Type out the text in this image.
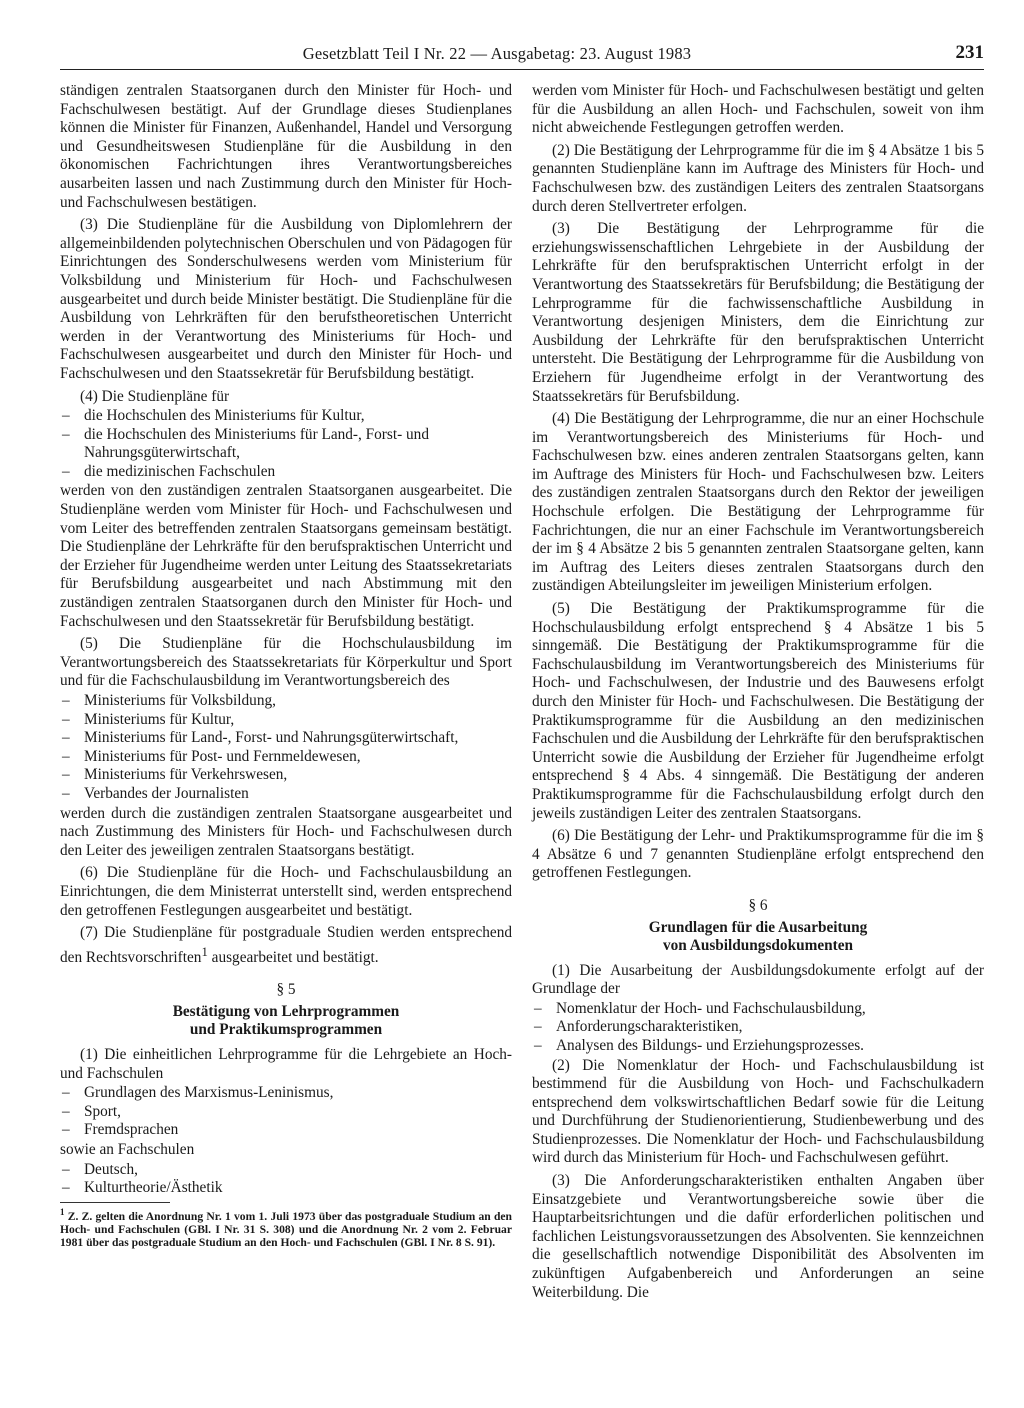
Gesetzblatt Teil I Nr. 22 — Ausgabetag: 23. August 1983	231

ständigen zentralen Staatsorganen durch den Minister für Hoch- und Fachschulwesen bestätigt. Auf der Grundlage dieses Studienplanes können die Minister für Finanzen, Außenhandel, Handel und Versorgung und Gesundheitswesen Studienpläne für die Ausbildung in den ökonomischen Fachrichtungen ihres Verantwortungsbereiches ausarbeiten lassen und nach Zustimmung durch den Minister für Hoch- und Fachschulwesen bestätigen.

(3) Die Studienpläne für die Ausbildung von Diplomlehrern der allgemeinbildenden polytechnischen Oberschulen und von Pädagogen für Einrichtungen des Sonderschulwesens werden vom Ministerium für Volksbildung und Ministerium für Hoch- und Fachschulwesen ausgearbeitet und durch beide Minister bestätigt. Die Studienpläne für die Ausbildung von Lehrkräften für den berufstheoretischen Unterricht werden in der Verantwortung des Ministeriums für Hoch- und Fachschulwesen ausgearbeitet und durch den Minister für Hoch- und Fachschulwesen und den Staatssekretär für Berufsbildung bestätigt.

(4) Die Studienpläne für

– die Hochschulen des Ministeriums für Kultur,
– die Hochschulen des Ministeriums für Land-, Forst- und Nahrungsgüterwirtschaft,
– die medizinischen Fachschulen

werden von den zuständigen zentralen Staatsorganen ausgearbeitet. Die Studienpläne werden vom Minister für Hoch- und Fachschulwesen und vom Leiter des betreffenden zentralen Staatsorgans gemeinsam bestätigt. Die Studienpläne der Lehrkräfte für den berufspraktischen Unterricht und der Erzieher für Jugendheime werden unter Leitung des Staatssekretariats für Berufsbildung ausgearbeitet und nach Abstimmung mit den zuständigen zentralen Staatsorganen durch den Minister für Hoch- und Fachschulwesen und den Staatssekretär für Berufsbildung bestätigt.

(5) Die Studienpläne für die Hochschulausbildung im Verantwortungsbereich des Staatssekretariats für Körperkultur und Sport und für die Fachschulausbildung im Verantwortungsbereich des

– Ministeriums für Volksbildung,
– Ministeriums für Kultur,
– Ministeriums für Land-, Forst- und Nahrungsgüterwirtschaft,
– Ministeriums für Post- und Fernmeldewesen,
– Ministeriums für Verkehrswesen,
– Verbandes der Journalisten

werden durch die zuständigen zentralen Staatsorgane ausgearbeitet und nach Zustimmung des Ministers für Hoch- und Fachschulwesen durch den Leiter des jeweiligen zentralen Staatsorgans bestätigt.

(6) Die Studienpläne für die Hoch- und Fachschulausbildung an Einrichtungen, die dem Ministerrat unterstellt sind, werden entsprechend den getroffenen Festlegungen ausgearbeitet und bestätigt.

(7) Die Studienpläne für postgraduale Studien werden entsprechend den Rechtsvorschriften$^1$ ausgearbeitet und bestätigt.

§ 5
Bestätigung von Lehrprogrammen
und Praktikumsprogrammen

(1) Die einheitlichen Lehrprogramme für die Lehrgebiete an Hoch- und Fachschulen

– Grundlagen des Marxismus-Leninismus,
– Sport,
– Fremdsprachen

sowie an Fachschulen

– Deutsch,
– Kulturtheorie/Ästhetik
$^1$ Z. Z. gelten die Anordnung Nr. 1 vom 1. Juli 1973 über das postgraduale Studium an den Hoch- und Fachschulen (GBl. I Nr. 31 S. 308) und die Anordnung Nr. 2 vom 2. Februar 1981 über das postgraduale Studium an den Hoch- und Fachschulen (GBl. I Nr. 8 S. 91).

werden vom Minister für Hoch- und Fachschulwesen bestätigt und gelten für die Ausbildung an allen Hoch- und Fachschulen, soweit von ihm nicht abweichende Festlegungen getroffen werden.

(2) Die Bestätigung der Lehrprogramme für die im § 4 Absätze 1 bis 5 genannten Studienpläne kann im Auftrage des Ministers für Hoch- und Fachschulwesen bzw. des zuständigen Leiters des zentralen Staatsorgans durch deren Stellvertreter erfolgen.

(3) Die Bestätigung der Lehrprogramme für die erziehungswissenschaftlichen Lehrgebiete in der Ausbildung der Lehrkräfte für den berufspraktischen Unterricht erfolgt in der Verantwortung des Staatssekretärs für Berufsbildung; die Bestätigung der Lehrprogramme für die fachwissenschaftliche Ausbildung in Verantwortung desjenigen Ministers, dem die Einrichtung zur Ausbildung der Lehrkräfte für den berufspraktischen Unterricht untersteht. Die Bestätigung der Lehrprogramme für die Ausbildung von Erziehern für Jugendheime erfolgt in der Verantwortung des Staatssekretärs für Berufsbildung.

(4) Die Bestätigung der Lehrprogramme, die nur an einer Hochschule im Verantwortungsbereich des Ministeriums für Hoch- und Fachschulwesen bzw. eines anderen zentralen Staatsorgans gelten, kann im Auftrage des Ministers für Hoch- und Fachschulwesen bzw. Leiters des zuständigen zentralen Staatsorgans durch den Rektor der jeweiligen Hochschule erfolgen. Die Bestätigung der Lehrprogramme für Fachrichtungen, die nur an einer Fachschule im Verantwortungsbereich der im § 4 Absätze 2 bis 5 genannten zentralen Staatsorgane gelten, kann im Auftrag des Leiters dieses zentralen Staatsorgans durch den zuständigen Abteilungsleiter im jeweiligen Ministerium erfolgen.

(5) Die Bestätigung der Praktikumsprogramme für die Hochschulausbildung erfolgt entsprechend § 4 Absätze 1 bis 5 sinngemäß. Die Bestätigung der Praktikumsprogramme für die Fachschulausbildung im Verantwortungsbereich des Ministeriums für Hoch- und Fachschulwesen, der Industrie und des Bauwesens erfolgt durch den Minister für Hoch- und Fachschulwesen. Die Bestätigung der Praktikumsprogramme für die Ausbildung an den medizinischen Fachschulen und die Ausbildung der Lehrkräfte für den berufspraktischen Unterricht sowie die Ausbildung der Erzieher für Jugendheime erfolgt entsprechend § 4 Abs. 4 sinngemäß. Die Bestätigung der anderen Praktikumsprogramme für die Fachschulausbildung erfolgt durch den jeweils zuständigen Leiter des zentralen Staatsorgans.

(6) Die Bestätigung der Lehr- und Praktikumsprogramme für die im § 4 Absätze 6 und 7 genannten Studienpläne erfolgt entsprechend den getroffenen Festlegungen.

§ 6
Grundlagen für die Ausarbeitung
von Ausbildungsdokumenten

(1) Die Ausarbeitung der Ausbildungsdokumente erfolgt auf der Grundlage der

– Nomenklatur der Hoch- und Fachschulausbildung,
– Anforderungscharakteristiken,
– Analysen des Bildungs- und Erziehungsprozesses.

(2) Die Nomenklatur der Hoch- und Fachschulausbildung ist bestimmend für die Ausbildung von Hoch- und Fachschulkadern entsprechend dem volkswirtschaftlichen Bedarf sowie für die Leitung und Durchführung der Studienorientierung, Studienbewerbung und des Studienprozesses. Die Nomenklatur der Hoch- und Fachschulausbildung wird durch das Ministerium für Hoch- und Fachschulwesen geführt.

(3) Die Anforderungscharakteristiken enthalten Angaben über Einsatzgebiete und Verantwortungsbereiche sowie über die Hauptarbeitsrichtungen und die dafür erforderlichen politischen und fachlichen Leistungsvoraussetzungen des Absolventen. Sie kennzeichnen die gesellschaftlich notwendige Disponibilität des Absolventen im zukünftigen Aufgabenbereich und Anforderungen an seine Weiterbildung. Die
